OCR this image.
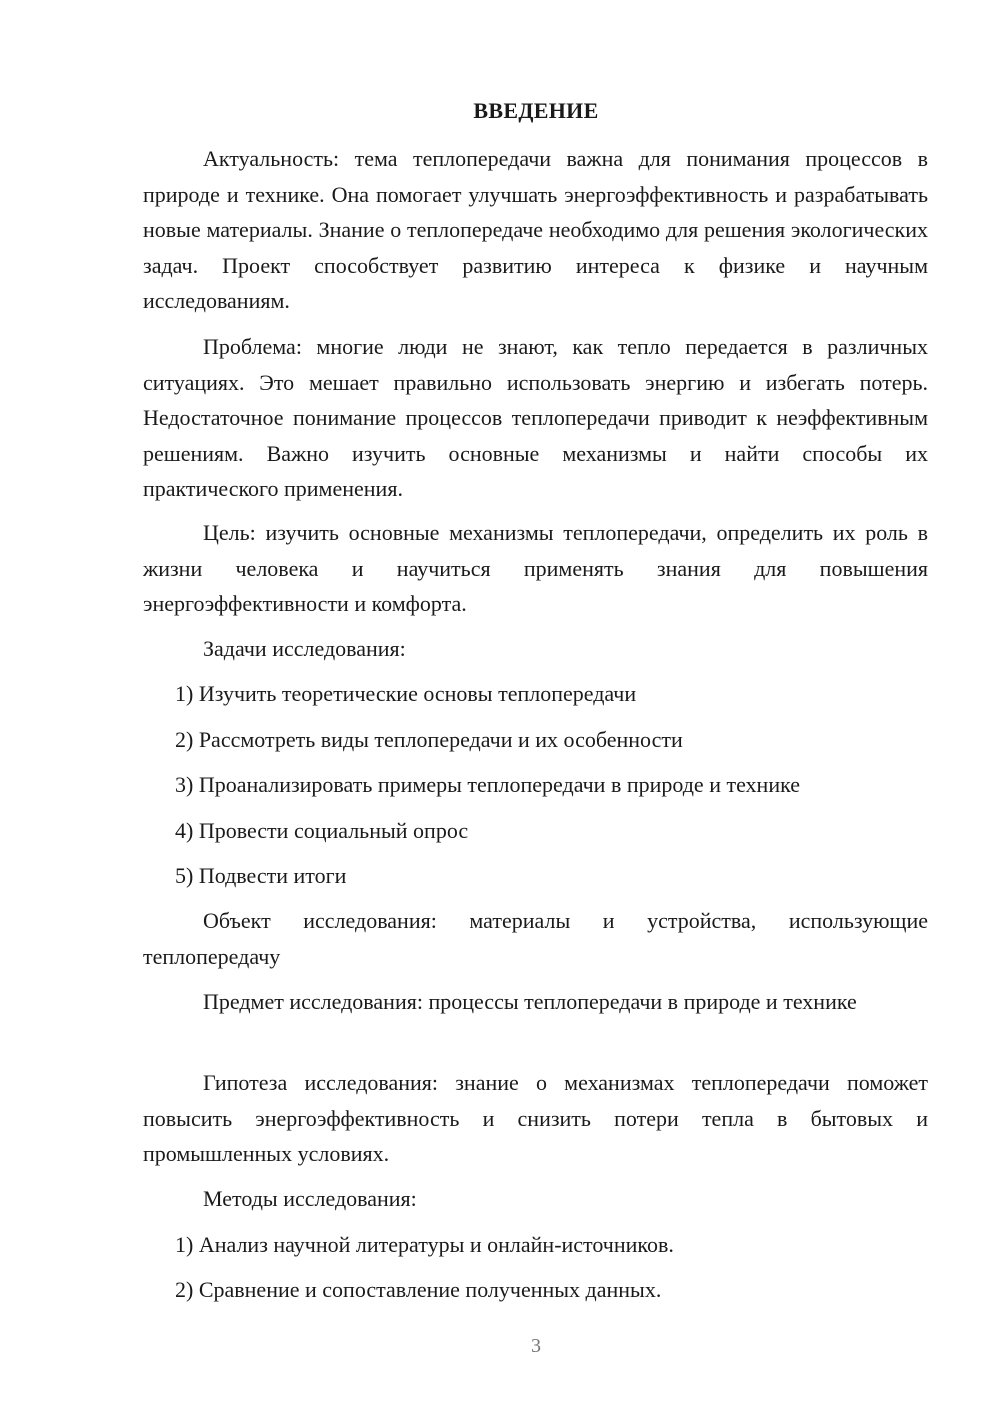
ВВЕДЕНИЕ

Актуальность: тема теплопередачи важна для понимания процессов в природе и технике. Она помогает улучшать энергоэффективность и разрабатывать новые материалы. Знание о теплопередаче необходимо для решения экологических задач. Проект способствует развитию интереса к физике и научным исследованиям.

Проблема: многие люди не знают, как тепло передается в различных ситуациях. Это мешает правильно использовать энергию и избегать потерь. Недостаточное понимание процессов теплопередачи приводит к неэффективным решениям. Важно изучить основные механизмы и найти способы их практического применения.

Цель: изучить основные механизмы теплопередачи, определить их роль в жизни человека и научиться применять знания для повышения энергоэффективности и комфорта.

Задачи исследования:

1) Изучить теоретические основы теплопередачи
2) Рассмотреть виды теплопередачи и их особенности
3) Проанализировать примеры теплопередачи в природе и технике
4) Провести социальный опрос
5) Подвести итоги

Объект исследования: материалы и устройства, использующие теплопередачу

Предмет исследования: процессы теплопередачи в природе и технике

Гипотеза исследования: знание о механизмах теплопередачи поможет повысить энергоэффективность и снизить потери тепла в бытовых и промышленных условиях.

Методы исследования:

1) Анализ научной литературы и онлайн-источников.
2) Сравнение и сопоставление полученных данных.
3
